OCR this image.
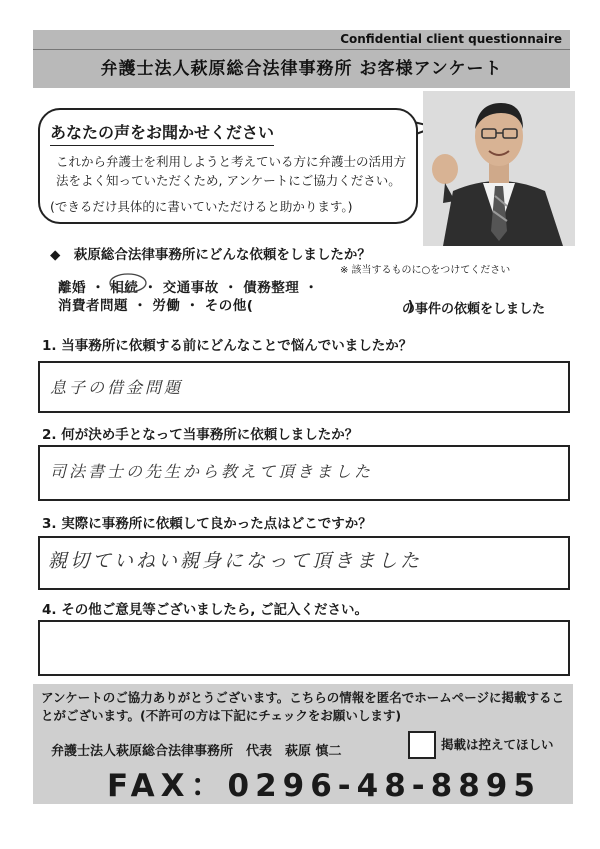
Confidential client questionnaire
弁護士法人萩原総合法律事務所 お客様アンケート
あなたの声をお聞かせください
これから弁護士を利用しようと考えている方に弁護士の活用方法をよく知っていただくため, アンケートにご協力ください。
(できるだけ具体的に書いていただけると助かります。)
◆　萩原総合法律事務所にどんな依頼をしましたか？
※ 該当するものに○をつけてください
離婚 ・ 相続 ・ 交通事故 ・ 債務整理 ・
消費者問題 ・ 労働 ・ その他(　　　　　　　　　　　)
の事件の依頼をしました
1. 当事務所に依頼する前にどんなことで悩んでいましたか？
息子の借金問題
2. 何が決め手となって当事務所に依頼しましたか？
司法書士の先生から教えて頂きました
3. 実際に事務所に依頼して良かった点はどこですか？
親切ていねい親身になって頂きました
4. その他ご意見等ございましたら, ご記入ください。
アンケートのご協力ありがとうございます。こちらの情報を匿名でホームページに掲載することがございます。(不許可の方は下記にチェックをお願いします)
弁護士法人萩原総合法律事務所　代表　萩原 慎二	掲載は控えてほしい
FAX：0296-48-8895
